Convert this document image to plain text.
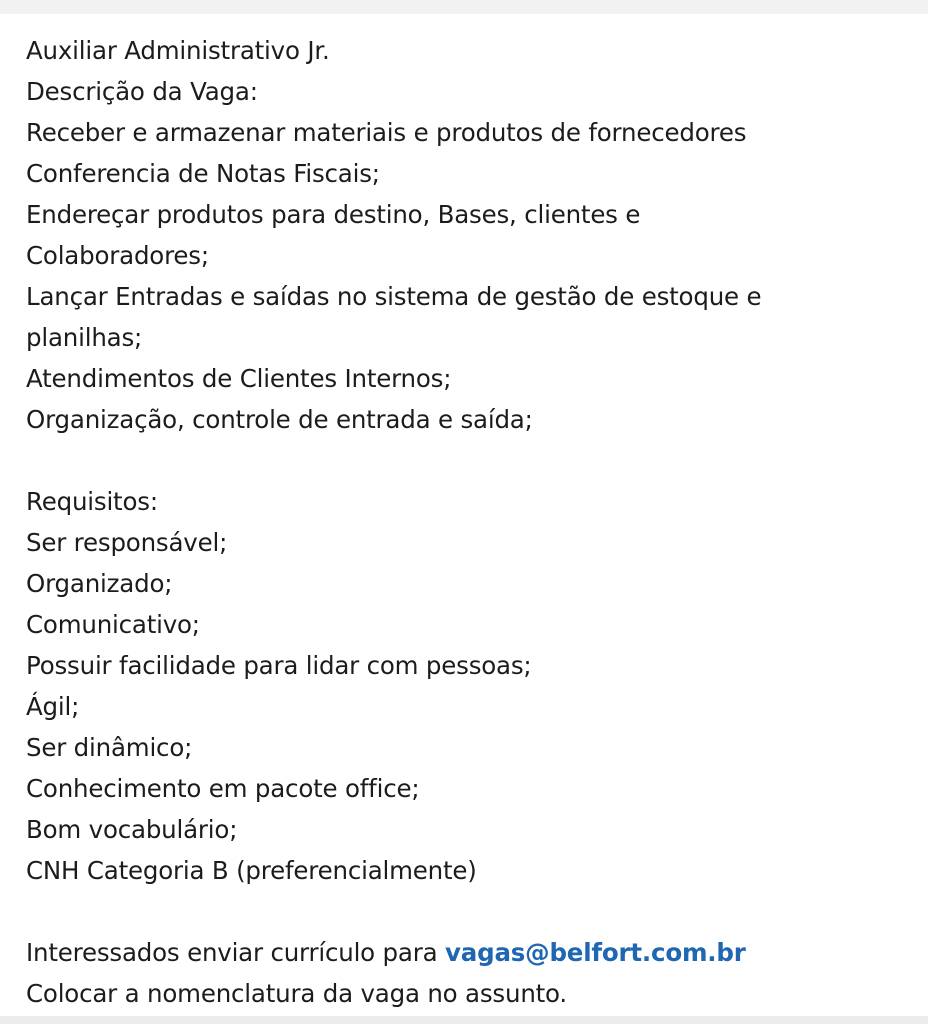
Auxiliar Administrativo Jr.
Descrição da Vaga:
Receber e armazenar materiais e produtos de fornecedores
Conferencia de Notas Fiscais;
Endereçar produtos para destino, Bases, clientes e
Colaboradores;
Lançar Entradas e saídas no sistema de gestão de estoque e
planilhas;
Atendimentos de Clientes Internos;
Organização, controle de entrada e saída;
Requisitos:
Ser responsável;
Organizado;
Comunicativo;
Possuir facilidade para lidar com pessoas;
Ágil;
Ser dinâmico;
Conhecimento em pacote office;
Bom vocabulário;
CNH Categoria B (preferencialmente)
Interessados enviar currículo para vagas@belfort.com.br
Colocar a nomenclatura da vaga no assunto.
